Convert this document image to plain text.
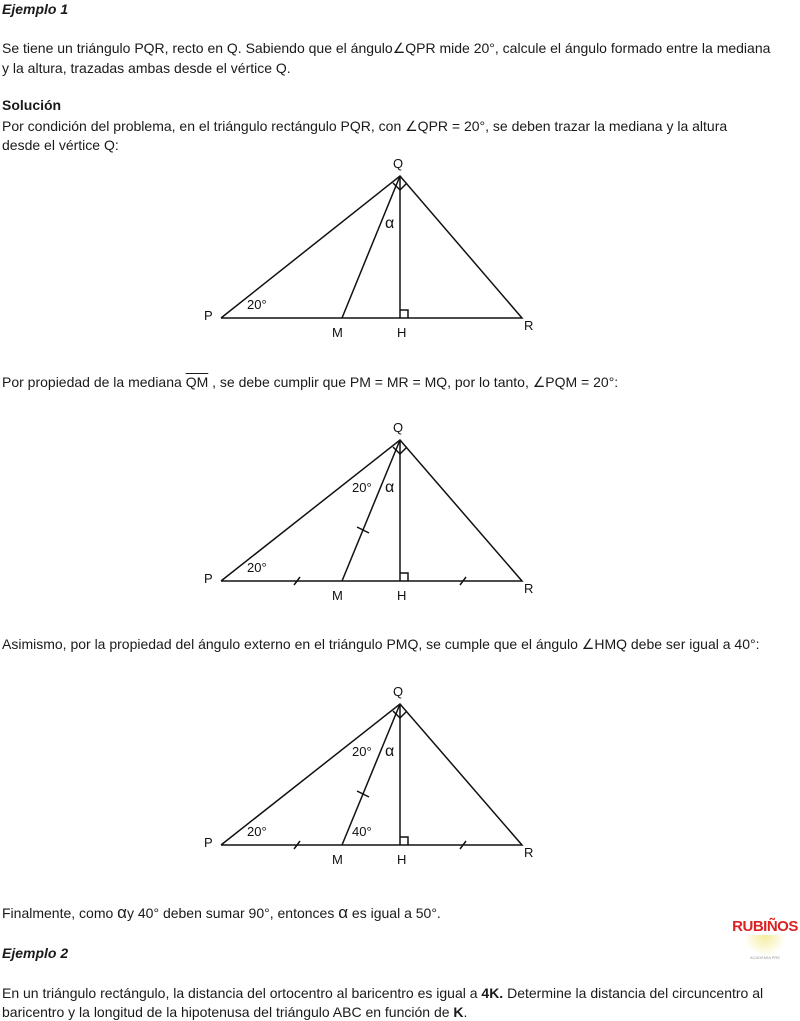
Ejemplo 1
Se tiene un triángulo PQR, recto en Q. Sabiendo que el ángulo∠QPR mide 20°, calcule el ángulo formado entre la mediana
y la altura, trazadas ambas desde el vértice Q.
Solución
Por condición del problema, en el triángulo rectángulo PQR, con ∠QPR = 20°, se deben trazar la mediana y la altura
desde el vértice Q:
Q
P
R
M	H
α
20°
Q
P
R
M	H
α
20°
20°
Q
P
R
M	H
α
20°
20°	40°
Por propiedad de la mediana $\overline{QM}$ , se debe cumplir que PM = MR = MQ, por lo tanto, ∠PQM = 20°:
Asimismo, por la propiedad del ángulo externo en el triángulo PMQ, se cumple que el ángulo ∠HMQ debe ser igual a 40°:
Finalmente, como αy 40° deben sumar 90°, entonces α es igual a 50°.
Ejemplo 2
En un triángulo rectángulo, la distancia del ortocentro al baricentro es igual a 4K. Determine la distancia del circuncentro al
baricentro y la longitud de la hipotenusa del triángulo ABC en función de K.
RUBIÑOS
ACADEMIA PRE
